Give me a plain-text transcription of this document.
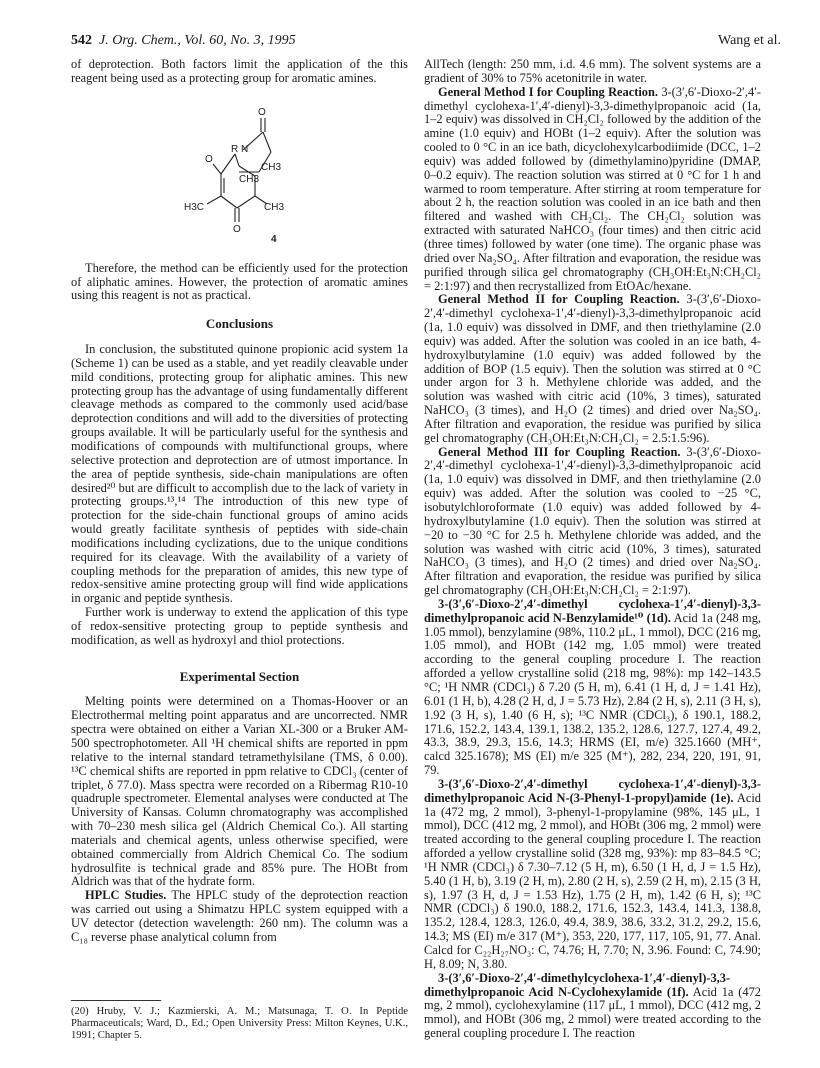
542 J. Org. Chem., Vol. 60, No. 3, 1995	Wang et al.

of deprotection. Both factors limit the application of the this reagent being used as a protecting group for aromatic amines.

O
R N
O
CH3
CH3
H3C	CH3
O
4

Therefore, the method can be efficiently used for the protection of aliphatic amines. However, the protection of aromatic amines using this reagent is not as practical.

Conclusions

In conclusion, the substituted quinone propionic acid system 1a (Scheme 1) can be used as a stable, and yet readily cleavable under mild conditions, protecting group for aliphatic amines. This new protecting group has the advantage of using fundamentally different cleavage methods as compared to the commonly used acid/base deprotection conditions and will add to the diversities of protecting groups available. It will be particularly useful for the synthesis and modifications of compounds with multifunctional groups, where selective protection and deprotection are of utmost importance. In the area of peptide synthesis, side-chain manipulations are often desired²⁰ but are difficult to accomplish due to the lack of variety in protecting groups.¹³,¹⁴ The introduction of this new type of protection for the side-chain functional groups of amino acids would greatly facilitate synthesis of peptides with side-chain modifications including cyclizations, due to the unique conditions required for its cleavage. With the availability of a variety of coupling methods for the preparation of amides, this new type of redox-sensitive amine protecting group will find wide applications in organic and peptide synthesis.

Further work is underway to extend the application of this type of redox-sensitive protecting group to peptide synthesis and modification, as well as hydroxyl and thiol protections.

Experimental Section

Melting points were determined on a Thomas-Hoover or an Electrothermal melting point apparatus and are uncorrected. NMR spectra were obtained on either a Varian XL-300 or a Bruker AM-500 spectrophotometer. All ¹H chemical shifts are reported in ppm relative to the internal standard tetramethylsilane (TMS, δ 0.00). ¹³C chemical shifts are reported in ppm relative to CDCl₃ (center of triplet, δ 77.0). Mass spectra were recorded on a Ribermag R10-10 quadruple spectrometer. Elemental analyses were conducted at The University of Kansas. Column chromatography was accomplished with 70–230 mesh silica gel (Aldrich Chemical Co.). All starting materials and chemical agents, unless otherwise specified, were obtained commercially from Aldrich Chemical Co. The sodium hydrosulfite is technical grade and 85% pure. The HOBt from Aldrich was that of the hydrate form.

HPLC Studies. The HPLC study of the deprotection reaction was carried out using a Shimatzu HPLC system equipped with a UV detector (detection wavelength: 260 nm). The column was a C₁₈ reverse phase analytical column from

(20) Hruby, V. J.; Kazmierski, A. M.; Matsunaga, T. O. In Peptide Pharmaceuticals; Ward, D., Ed.; Open University Press: Milton Keynes, U.K., 1991; Chapter 5.

AllTech (length: 250 mm, i.d. 4.6 mm). The solvent systems are a gradient of 30% to 75% acetonitrile in water.

General Method I for Coupling Reaction. 3-(3′,6′-Dioxo-2′,4′-dimethyl cyclohexa-1′,4′-dienyl)-3,3-dimethylpropanoic acid (1a, 1–2 equiv) was dissolved in CH₂Cl₂ followed by the addition of the amine (1.0 equiv) and HOBt (1–2 equiv). After the solution was cooled to 0 °C in an ice bath, dicyclohexylcarbodiimide (DCC, 1–2 equiv) was added followed by (dimethylamino)pyridine (DMAP, 0–0.2 equiv). The reaction solution was stirred at 0 °C for 1 h and warmed to room temperature. After stirring at room temperature for about 2 h, the reaction solution was cooled in an ice bath and then filtered and washed with CH₂Cl₂. The CH₂Cl₂ solution was extracted with saturated NaHCO₃ (four times) and then citric acid (three times) followed by water (one time). The organic phase was dried over Na₂SO₄. After filtration and evaporation, the residue was purified through silica gel chromatography (CH₃OH:Et₃N:CH₂Cl₂ = 2:1:97) and then recrystallized from EtOAc/hexane.

General Method II for Coupling Reaction. 3-(3′,6′-Dioxo-2′,4′-dimethyl cyclohexa-1′,4′-dienyl)-3,3-dimethylpropanoic acid (1a, 1.0 equiv) was dissolved in DMF, and then triethylamine (2.0 equiv) was added. After the solution was cooled in an ice bath, 4-hydroxylbutylamine (1.0 equiv) was added followed by the addition of BOP (1.5 equiv). Then the solution was stirred at 0 °C under argon for 3 h. Methylene chloride was added, and the solution was washed with citric acid (10%, 3 times), saturated NaHCO₃ (3 times), and H₂O (2 times) and dried over Na₂SO₄. After filtration and evaporation, the residue was purified by silica gel chromatography (CH₃OH:Et₃N:CH₂Cl₂ = 2.5:1.5:96).

General Method III for Coupling Reaction. 3-(3′,6′-Dioxo-2′,4′-dimethyl cyclohexa-1′,4′-dienyl)-3,3-dimethylpropanoic acid (1a, 1.0 equiv) was dissolved in DMF, and then triethylamine (2.0 equiv) was added. After the solution was cooled to −25 °C, isobutylchloroformate (1.0 equiv) was added followed by 4-hydroxylbutylamine (1.0 equiv). Then the solution was stirred at −20 to −30 °C for 2.5 h. Methylene chloride was added, and the solution was washed with citric acid (10%, 3 times), saturated NaHCO₃ (3 times), and H₂O (2 times) and dried over Na₂SO₄. After filtration and evaporation, the residue was purified by silica gel chromatography (CH₃OH:Et₃N:CH₂Cl₂ = 2:1:97).

3-(3′,6′-Dioxo-2′,4′-dimethyl cyclohexa-1′,4′-dienyl)-3,3-dimethylpropanoic acid N-Benzylamide¹⁰ (1d). Acid 1a (248 mg, 1.05 mmol), benzylamine (98%, 110.2 μL, 1 mmol), DCC (216 mg, 1.05 mmol), and HOBt (142 mg, 1.05 mmol) were treated according to the general coupling procedure I. The reaction afforded a yellow crystalline solid (218 mg, 98%): mp 142–143.5 °C; ¹H NMR (CDCl₃) δ 7.20 (5 H, m), 6.41 (1 H, d, J = 1.41 Hz), 6.01 (1 H, b), 4.28 (2 H, d, J = 5.73 Hz), 2.84 (2 H, s), 2.11 (3 H, s), 1.92 (3 H, s), 1.40 (6 H, s); ¹³C NMR (CDCl₃), δ 190.1, 188.2, 171.6, 152.2, 143.4, 139.1, 138.2, 135.2, 128.6, 127.7, 127.4, 49.2, 43.3, 38.9, 29.3, 15.6, 14.3; HRMS (EI, m/e) 325.1660 (MH⁺, calcd 325.1678); MS (EI) m/e 325 (M⁺), 282, 234, 220, 191, 91, 79.

3-(3′,6′-Dioxo-2′,4′-dimethyl cyclohexa-1′,4′-dienyl)-3,3-dimethylpropanoic Acid N-(3-Phenyl-1-propyl)amide (1e). Acid 1a (472 mg, 2 mmol), 3-phenyl-1-propylamine (98%, 145 μL, 1 mmol), DCC (412 mg, 2 mmol), and HOBt (306 mg, 2 mmol) were treated according to the general coupling procedure I. The reaction afforded a yellow crystalline solid (328 mg, 93%): mp 83–84.5 °C; ¹H NMR (CDCl₃) δ 7.30–7.12 (5 H, m), 6.50 (1 H, d, J = 1.5 Hz), 5.40 (1 H, b), 3.19 (2 H, m), 2.80 (2 H, s), 2.59 (2 H, m), 2.15 (3 H, s), 1.97 (3 H, d, J = 1.53 Hz), 1.75 (2 H, m), 1.42 (6 H, s); ¹³C NMR (CDCl₃) δ 190.0, 188.2, 171.6, 152.3, 143.4, 141.3, 138.8, 135.2, 128.4, 128.3, 126.0, 49.4, 38.9, 38.6, 33.2, 31.2, 29.2, 15.6, 14.3; MS (EI) m/e 317 (M⁺), 353, 220, 177, 117, 105, 91, 77. Anal. Calcd for C₂₂H₂₇NO₃: C, 74.76; H, 7.70; N, 3.96. Found: C, 74.90; H, 8.09; N, 3.80.

3-(3′,6′-Dioxo-2′,4′-dimethylcyclohexa-1′,4′-dienyl)-3,3-dimethylpropanoic Acid N-Cyclohexylamide (1f). Acid 1a (472 mg, 2 mmol), cyclohexylamine (117 μL, 1 mmol), DCC (412 mg, 2 mmol), and HOBt (306 mg, 2 mmol) were treated according to the general coupling procedure I. The reaction
